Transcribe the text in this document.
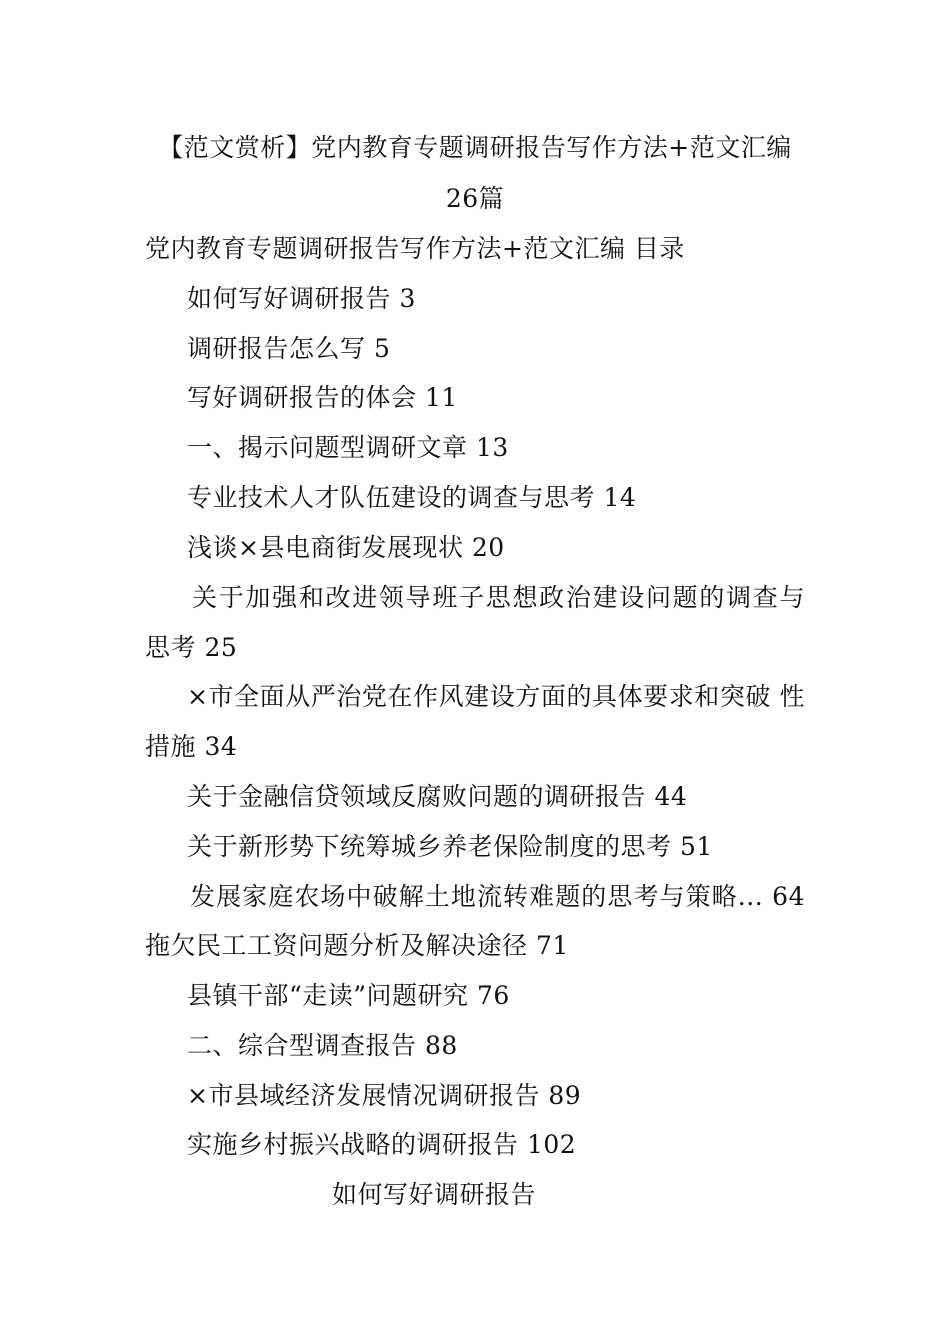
【范文赏析】党内教育专题调研报告写作方法+范文汇编
26篇
党内教育专题调研报告写作方法+范文汇编 目录
如何写好调研报告 3
调研报告怎么写 5
写好调研报告的体会 11
一、揭示问题型调研文章 13
专业技术人才队伍建设的调查与思考 14
浅谈×县电商街发展现状 20
关于加强和改进领导班子思想政治建设问题的调查与
思考 25
×市全面从严治党在作风建设方面的具体要求和突破 性
措施 34
关于金融信贷领域反腐败问题的调研报告 44
关于新形势下统筹城乡养老保险制度的思考 51
发展家庭农场中破解土地流转难题的思考与策略... 64
拖欠民工工资问题分析及解决途径 71
县镇干部“走读”问题研究 76
二、综合型调查报告 88
×市县域经济发展情况调研报告 89
实施乡村振兴战略的调研报告 102
如何写好调研报告
